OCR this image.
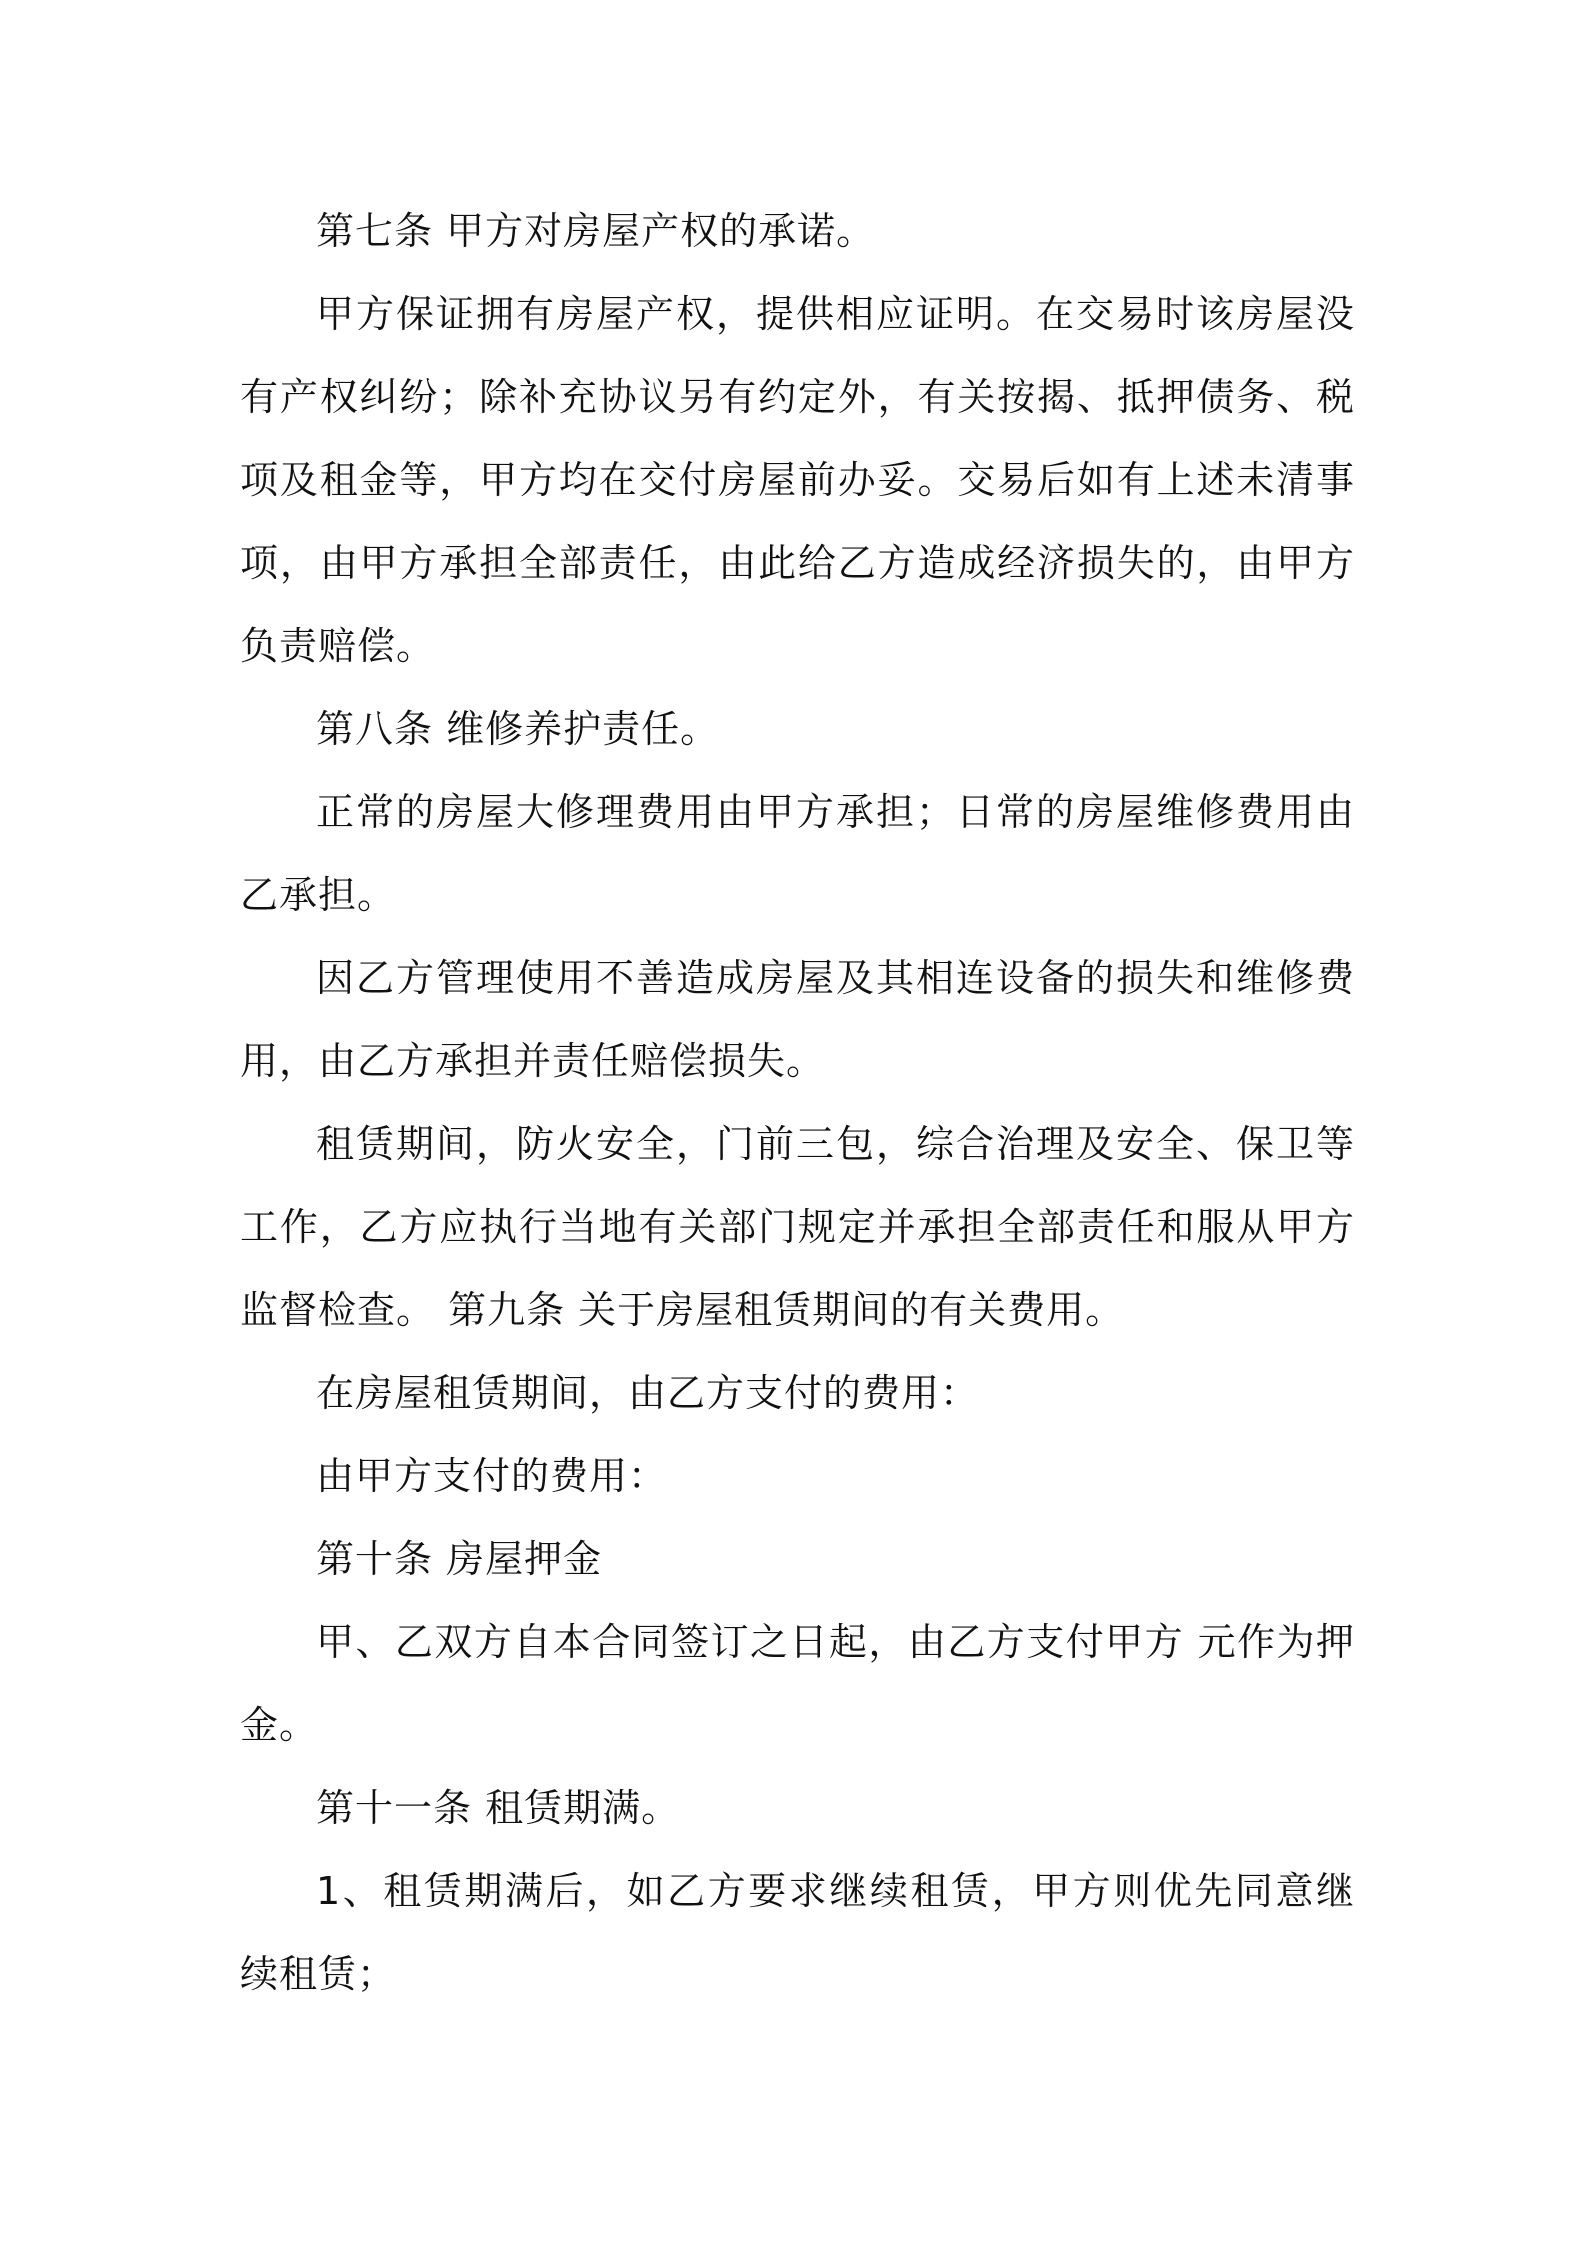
第七条 甲方对房屋产权的承诺。

甲方保证拥有房屋产权，提供相应证明。在交易时该房屋没有产权纠纷；除补充协议另有约定外，有关按揭、抵押债务、税项及租金等，甲方均在交付房屋前办妥。交易后如有上述未清事项，由甲方承担全部责任，由此给乙方造成经济损失的，由甲方负责赔偿。

第八条 维修养护责任。

正常的房屋大修理费用由甲方承担；日常的房屋维修费用由乙承担。

因乙方管理使用不善造成房屋及其相连设备的损失和维修费用，由乙方承担并责任赔偿损失。

租赁期间，防火安全，门前三包，综合治理及安全、保卫等工作，乙方应执行当地有关部门规定并承担全部责任和服从甲方监督检查。 第九条 关于房屋租赁期间的有关费用。

在房屋租赁期间，由乙方支付的费用：

由甲方支付的费用：

第十条 房屋押金

甲、乙双方自本合同签订之日起，由乙方支付甲方 元作为押金。

第十一条 租赁期满。

1、租赁期满后，如乙方要求继续租赁，甲方则优先同意继续租赁；
